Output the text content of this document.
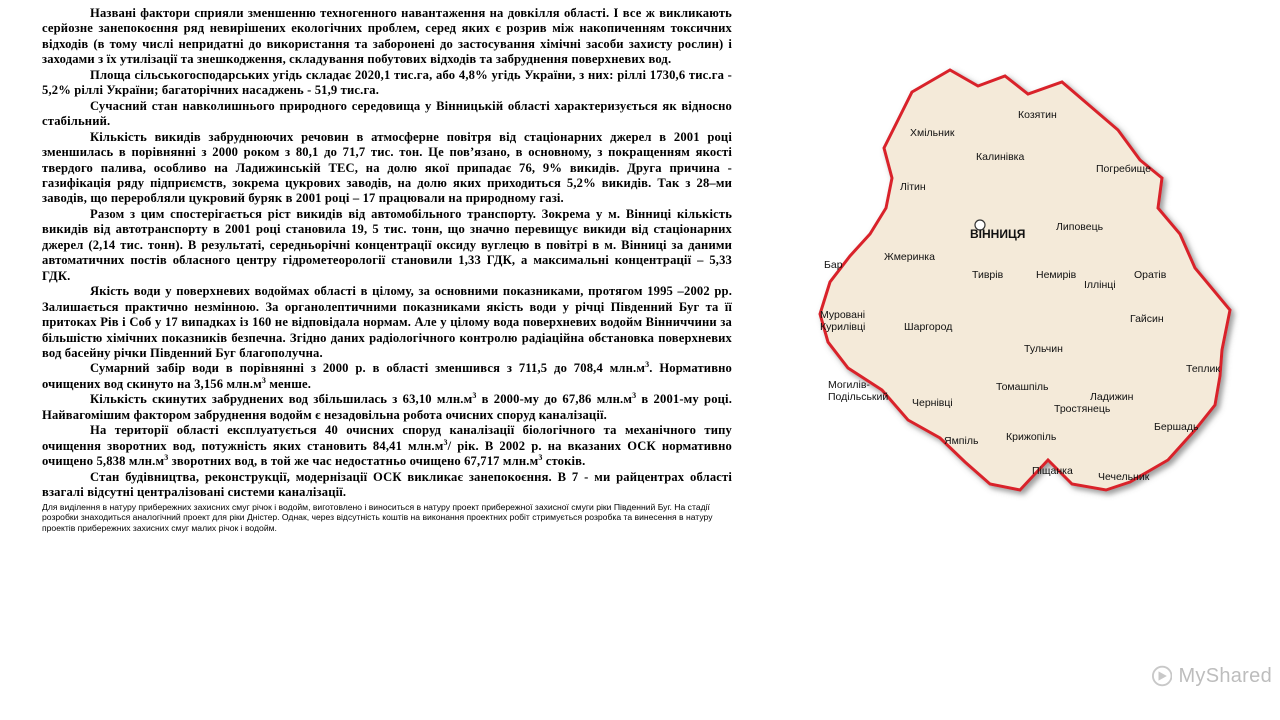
Названі фактори сприяли зменшенню техногенного навантаження на довкілля області. І все ж викликають серйозне занепокоєння ряд невирішених екологічних проблем, серед яких є розрив між накопиченням токсичних відходів (в тому числі непридатні до використання та заборонені до застосування хімічні засоби захисту рослин) і заходами з їх утилізації та знешкодження, складування побутових відходів та забруднення поверхневих вод.

Площа сільськогосподарських угідь складає 2020,1 тис.га, або 4,8% угідь України, з них: ріллі 1730,6 тис.га - 5,2% ріллі України; багаторічних насаджень - 51,9 тис.га.

Сучасний стан навколишнього природного середовища у Вінницькій області характеризується як відносно стабільний.

Кількість викидів забруднюючих речовин в атмосферне повітря від стаціонарних джерел в 2001 році зменшилась в порівнянні з 2000 роком з 80,1 до 71,7 тис. тон. Це пов’язано, в основному, з покращенням якості твердого палива, особливо на Ладижинській ТЕС, на долю якої припадає 76, 9% викидів. Друга причина - газифікація ряду підприємств, зокрема цукрових заводів, на долю яких приходиться 5,2% викидів. Так з 28–ми заводів, що переробляли цукровий буряк в 2001 році – 17 працювали на природному газі.

Разом з цим спостерігається ріст викидів від автомобільного транспорту. Зокрема у м. Вінниці кількість викидів від автотранспорту в 2001 році становила 19, 5 тис. тонн, що значно перевищує викиди від стаціонарних джерел (2,14 тис. тонн). В результаті, середньорічні концентрації оксиду вуглецю в повітрі в м. Вінниці за даними автоматичних постів обласного центру гідрометеорології становили 1,33 ГДК, а максимальні концентрації – 5,33 ГДК.

Якість води у поверхневих водоймах області в цілому, за основними показниками, протягом 1995 –2002 рр. Залишається практично незмінною. За органолептичними показниками якість води у річці Південний Буг та її притоках Рів і Соб у 17 випадках із 160 не відповідала нормам. Але у цілому вода поверхневих водойм Вінниччини за більшістю хімічних показників безпечна. Згідно даних радіологічного контролю радіаційна обстановка поверхневих вод басейну річки Південний Буг благополучна.

Сумарний забір води в порівнянні з 2000 р. в області зменшився з 711,5 до 708,4 $млн.м^3$. Нормативно очищених вод скинуто на 3,156 $млн.м^3$ менше.

Кількість скинутих забруднених вод збільшилась з 63,10 $млн.м^3$ в 2000-му до 67,86 $млн.м^3$ в 2001-му році. Найвагомішим фактором забруднення водойм є незадовільна робота очисних споруд каналізації.

На території області експлуатується 40 очисних споруд каналізації біологічного та механічного типу очищення зворотних вод, потужність яких становить 84,41 $млн.м^3/$ рік. В 2002 р. на вказаних ОСК нормативно очищено 5,838 $млн.м^3$ зворотних вод, в той же час недостатньо очищено 67,717 $млн.м^3$ стоків.

Стан будівництва, реконструкції, модернізації ОСК викликає занепокоєння. В 7 - ми райцентрах області взагалі відсутні централізовані системи каналізації.

Для виділення в натуру прибережних захисних смуг річок і водойм, виготовлено і виноситься в натуру проект прибережної захисної смуги ріки Південний Буг. На стадії розробки знаходиться аналогічний проект для ріки Дністер. Однак, через відсутність коштів на виконання проектних робіт стримується розробка та винесення в натуру проектів прибережних захисних смуг малих річок і водойм.

Хмільник
Козятин
Калинівка
Погребище
Літин
Липовець
Оратів
Жмеринка
Тиврів	Немирів
Іллінці
Бар
Мурованi Курилівці	Шаргород
Гайсин
Тульчин
Теплик
Могилів-Подільський Чернівці
Томашпіль
Ладижин
Тростянець
Ямпіль	Крижопіль
Бершадь
Піщанка Чечельник
ВІННИЦЯ
MyShared
